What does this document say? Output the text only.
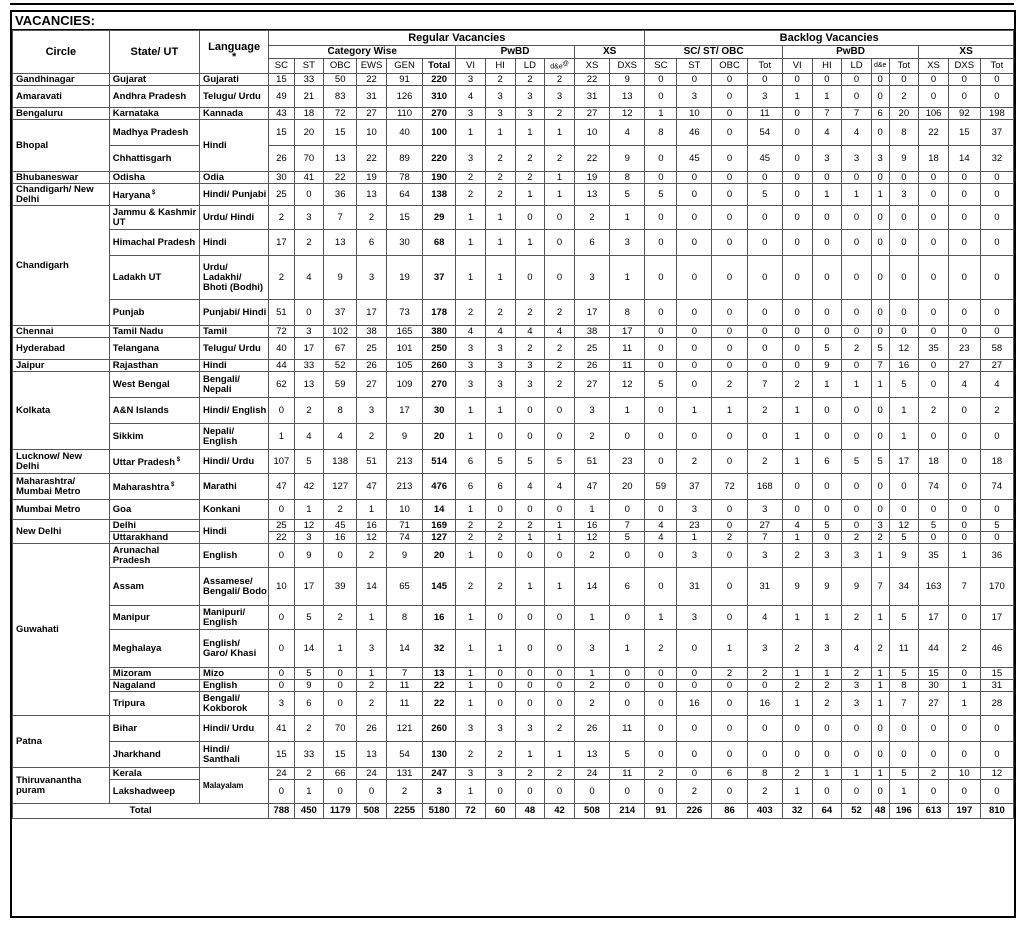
VACANCIES:
Circle	State/ UT	Language
*	Regular Vacancies												Backlog Vacancies											
			Category Wise						PwBD				XS		SC/ ST/ OBC				PwBD					XS		
			SC	ST	OBC	EWS	GEN	Total	VI	HI	LD	d&e@	XS	DXS	SC	ST	OBC	Tot	VI	HI	LD	d&e	Tot	XS	DXS	Tot
Gandhinagar	Gujarat	Gujarati	15	33	50	22	91	220	3	2	2	2	22	9	0	0	0	0	0	0	0	0	0	0	0	0
Amaravati	Andhra Pradesh	Telugu/ Urdu	49	21	83	31	126	310	4	3	3	3	31	13	0	3	0	3	1	1	0	0	2	0	0	0
Bengaluru	Karnataka	Kannada	43	18	72	27	110	270	3	3	3	2	27	12	1	10	0	11	0	7	7	6	20	106	92	198
Bhopal	Madhya Pradesh	Hindi	15	20	15	10	40	100	1	1	1	1	10	4	8	46	0	54	0	4	4	0	8	22	15	37
	Chhattisgarh		26	70	13	22	89	220	3	2	2	2	22	9	0	45	0	45	0	3	3	3	9	18	14	32
Bhubaneswar	Odisha	Odia	30	41	22	19	78	190	2	2	2	1	19	8	0	0	0	0	0	0	0	0	0	0	0	0
Chandigarh/ New Delhi	Haryana $	Hindi/ Punjabi	25	0	36	13	64	138	2	2	1	1	13	5	5	0	0	5	0	1	1	1	3	0	0	0
Chandigarh	Jammu & Kashmir UT	Urdu/ Hindi	2	3	7	2	15	29	1	1	0	0	2	1	0	0	0	0	0	0	0	0	0	0	0	0
	Himachal Pradesh	Hindi	17	2	13	6	30	68	1	1	1	0	6	3	0	0	0	0	0	0	0	0	0	0	0	0
	Ladakh UT	Urdu/ Ladakhi/ Bhoti (Bodhi)	2	4	9	3	19	37	1	1	0	0	3	1	0	0	0	0	0	0	0	0	0	0	0	0
	Punjab	Punjabi/ Hindi	51	0	37	17	73	178	2	2	2	2	17	8	0	0	0	0	0	0	0	0	0	0	0	0
Chennai	Tamil Nadu	Tamil	72	3	102	38	165	380	4	4	4	4	38	17	0	0	0	0	0	0	0	0	0	0	0	0
Hyderabad	Telangana	Telugu/ Urdu	40	17	67	25	101	250	3	3	2	2	25	11	0	0	0	0	0	5	2	5	12	35	23	58
Jaipur	Rajasthan	Hindi	44	33	52	26	105	260	3	3	3	2	26	11	0	0	0	0	0	9	0	7	16	0	27	27
Kolkata	West Bengal	Bengali/ Nepali	62	13	59	27	109	270	3	3	3	2	27	12	5	0	2	7	2	1	1	1	5	0	4	4
	A&N Islands	Hindi/ English	0	2	8	3	17	30	1	1	0	0	3	1	0	1	1	2	1	0	0	0	1	2	0	2
	Sikkim	Nepali/ English	1	4	4	2	9	20	1	0	0	0	2	0	0	0	0	0	1	0	0	0	1	0	0	0
Lucknow/ New Delhi	Uttar Pradesh $	Hindi/ Urdu	107	5	138	51	213	514	6	5	5	5	51	23	0	2	0	2	1	6	5	5	17	18	0	18
Maharashtra/ Mumbai Metro	Maharashtra $	Marathi	47	42	127	47	213	476	6	6	4	4	47	20	59	37	72	168	0	0	0	0	0	74	0	74
Mumbai Metro	Goa	Konkani	0	1	2	1	10	14	1	0	0	0	1	0	0	3	0	3	0	0	0	0	0	0	0	0
New Delhi	Delhi	Hindi	25	12	45	16	71	169	2	2	2	1	16	7	4	23	0	27	4	5	0	3	12	5	0	5
	Uttarakhand		22	3	16	12	74	127	2	2	1	1	12	5	4	1	2	7	1	0	2	2	5	0	0	0
Guwahati	Arunachal Pradesh	English	0	9	0	2	9	20	1	0	0	0	2	0	0	3	0	3	2	3	3	1	9	35	1	36
	Assam	Assamese/ Bengali/ Bodo	10	17	39	14	65	145	2	2	1	1	14	6	0	31	0	31	9	9	9	7	34	163	7	170
	Manipur	Manipuri/ English	0	5	2	1	8	16	1	0	0	0	1	0	1	3	0	4	1	1	2	1	5	17	0	17
	Meghalaya	English/ Garo/ Khasi	0	14	1	3	14	32	1	1	0	0	3	1	2	0	1	3	2	3	4	2	11	44	2	46
	Mizoram	Mizo	0	5	0	1	7	13	1	0	0	0	1	0	0	0	2	2	1	1	2	1	5	15	0	15
	Nagaland	English	0	9	0	2	11	22	1	0	0	0	2	0	0	0	0	0	2	2	3	1	8	30	1	31
	Tripura	Bengali/ Kokborok	3	6	0	2	11	22	1	0	0	0	2	0	0	16	0	16	1	2	3	1	7	27	1	28
Patna	Bihar	Hindi/ Urdu	41	2	70	26	121	260	3	3	3	2	26	11	0	0	0	0	0	0	0	0	0	0	0	0
	Jharkhand	Hindi/ Santhali	15	33	15	13	54	130	2	2	1	1	13	5	0	0	0	0	0	0	0	0	0	0	0	0
Thiruvanantha puram	Kerala	Malayalam	24	2	66	24	131	247	3	3	2	2	24	11	2	0	6	8	2	1	1	1	5	2	10	12
	Lakshadweep		0	1	0	0	2	3	1	0	0	0	0	0	0	2	0	2	1	0	0	0	1	0	0	0
Total			788	450	1179	508	2255	5180	72	60	48	42	508	214	91	226	86	403	32	64	52	48	196	613	197	810
